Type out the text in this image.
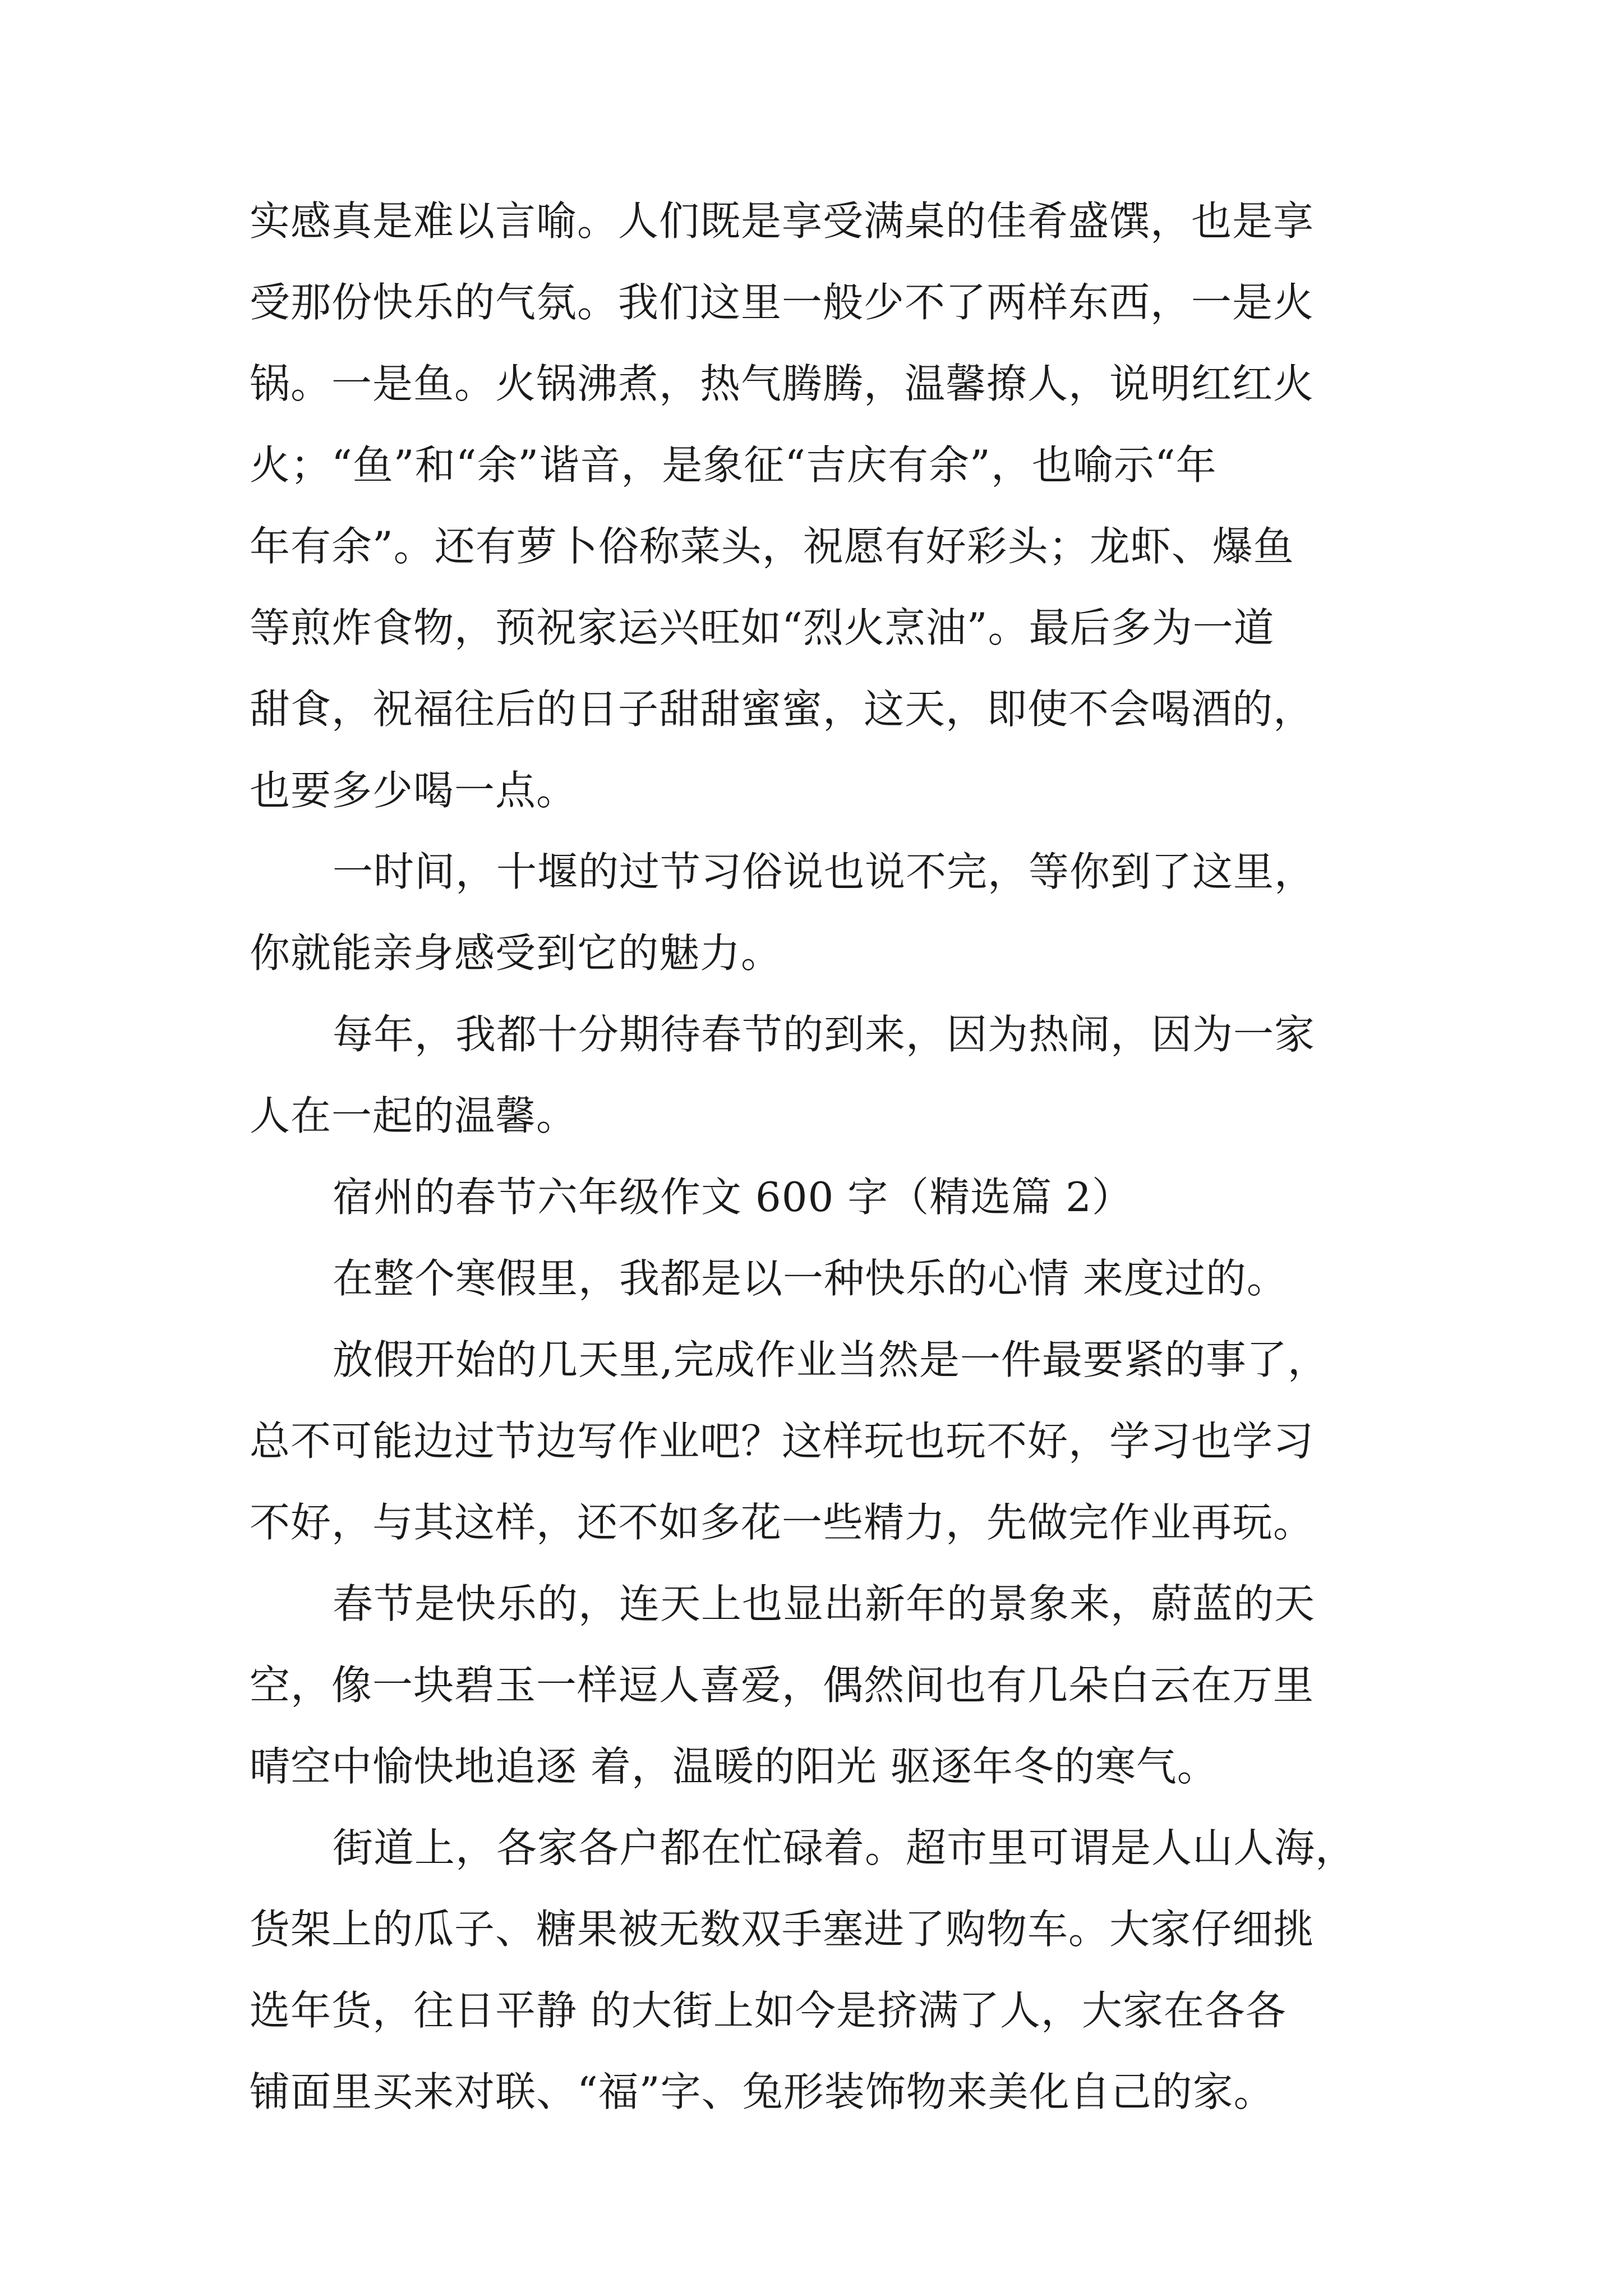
实感真是难以言喻。人们既是享受满桌的佳肴盛馔，也是享
受那份快乐的气氛。我们这里一般少不了两样东西，一是火
锅。一是鱼。火锅沸煮，热气腾腾，温馨撩人，说明红红火
火；“鱼”和“余”谐音，是象征“吉庆有余”，也喻示“年
年有余”。还有萝卜俗称菜头，祝愿有好彩头；龙虾、爆鱼
等煎炸食物，预祝家运兴旺如“烈火烹油”。最后多为一道
甜食，祝福往后的日子甜甜蜜蜜，这天，即使不会喝酒的，
也要多少喝一点。
一时间，十堰的过节习俗说也说不完，等你到了这里，
你就能亲身感受到它的魅力。
每年，我都十分期待春节的到来，因为热闹，因为一家
人在一起的温馨。
宿州的春节六年级作文 600 字（精选篇 2）
在整个寒假里，我都是以一种快乐的心情 来度过的。
放假开始的几天里,完成作业当然是一件最要紧的事了，
总不可能边过节边写作业吧？这样玩也玩不好，学习也学习
不好，与其这样，还不如多花一些精力，先做完作业再玩。
春节是快乐的，连天上也显出新年的景象来，蔚蓝的天
空，像一块碧玉一样逗人喜爱，偶然间也有几朵白云在万里
晴空中愉快地追逐 着，温暖的阳光 驱逐年冬的寒气。
街道上，各家各户都在忙碌着。超市里可谓是人山人海，
货架上的瓜子、糖果被无数双手塞进了购物车。大家仔细挑
选年货，往日平静 的大街上如今是挤满了人，大家在各各
铺面里买来对联、“福”字、兔形装饰物来美化自己的家。
